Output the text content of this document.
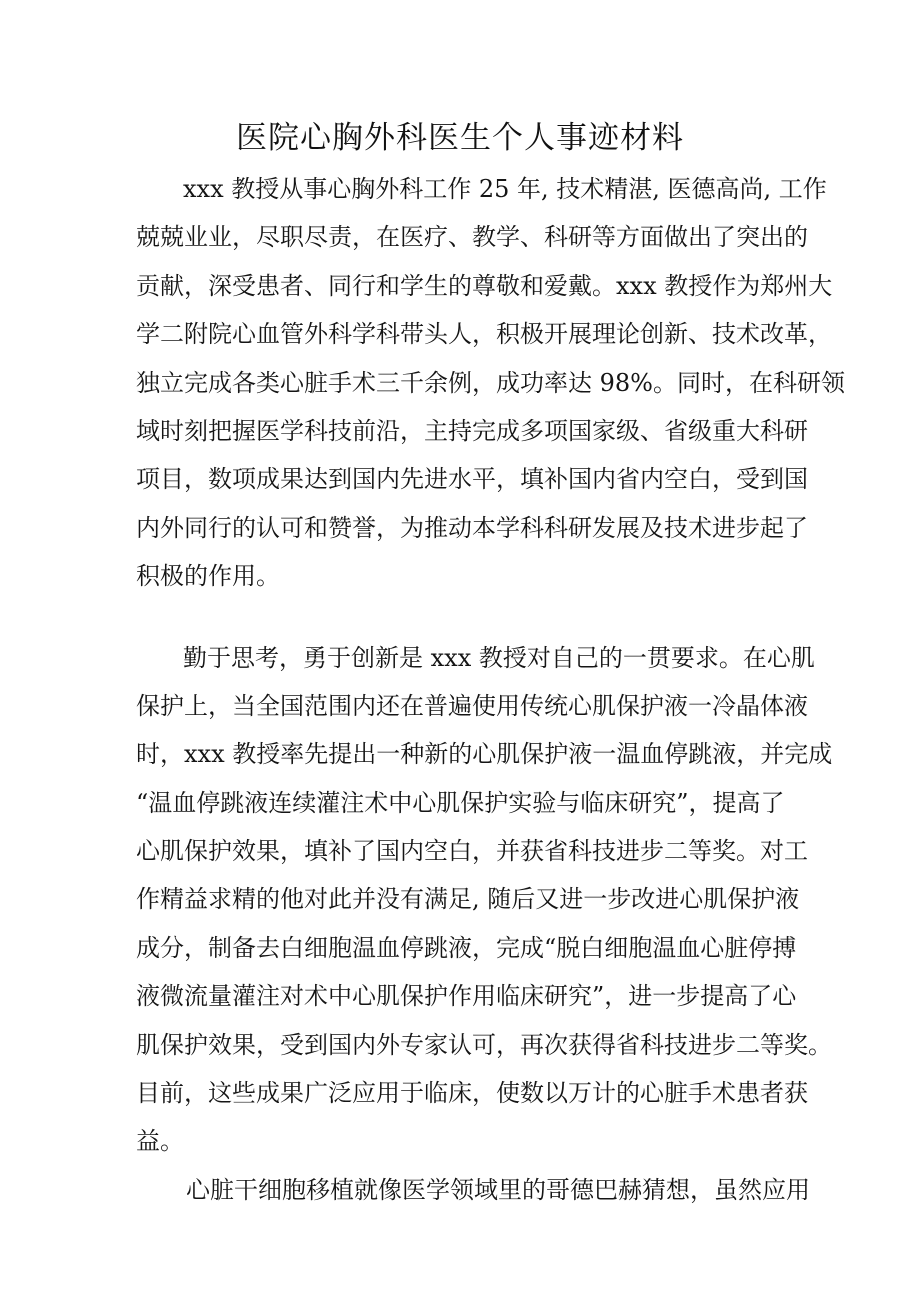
医院心胸外科医生个人事迹材料
xxx 教授从事心胸外科工作 25 年, 技术精湛, 医德高尚, 工作
兢兢业业，尽职尽责，在医疗、教学、科研等方面做出了突出的
贡献，深受患者、同行和学生的尊敬和爱戴。xxx 教授作为郑州大
学二附院心血管外科学科带头人，积极开展理论创新、技术改革，
独立完成各类心脏手术三千余例，成功率达 98%。同时，在科研领
域时刻把握医学科技前沿，主持完成多项国家级、省级重大科研
项目，数项成果达到国内先进水平，填补国内省内空白，受到国
内外同行的认可和赞誉，为推动本学科科研发展及技术进步起了
积极的作用。
勤于思考，勇于创新是 xxx 教授对自己的一贯要求。在心肌
保护上，当全国范围内还在普遍使用传统心肌保护液一冷晶体液
时，xxx 教授率先提出一种新的心肌保护液一温血停跳液，并完成
“温血停跳液连续灌注术中心肌保护实验与临床研究”，提高了
心肌保护效果，填补了国内空白，并获省科技进步二等奖。对工
作精益求精的他对此并没有满足, 随后又进一步改进心肌保护液
成分，制备去白细胞温血停跳液，完成“脱白细胞温血心脏停搏
液微流量灌注对术中心肌保护作用临床研究”，进一步提高了心
肌保护效果，受到国内外专家认可，再次获得省科技进步二等奖。
目前，这些成果广泛应用于临床，使数以万计的心脏手术患者获
益。
心脏干细胞移植就像医学领域里的哥德巴赫猜想，虽然应用
